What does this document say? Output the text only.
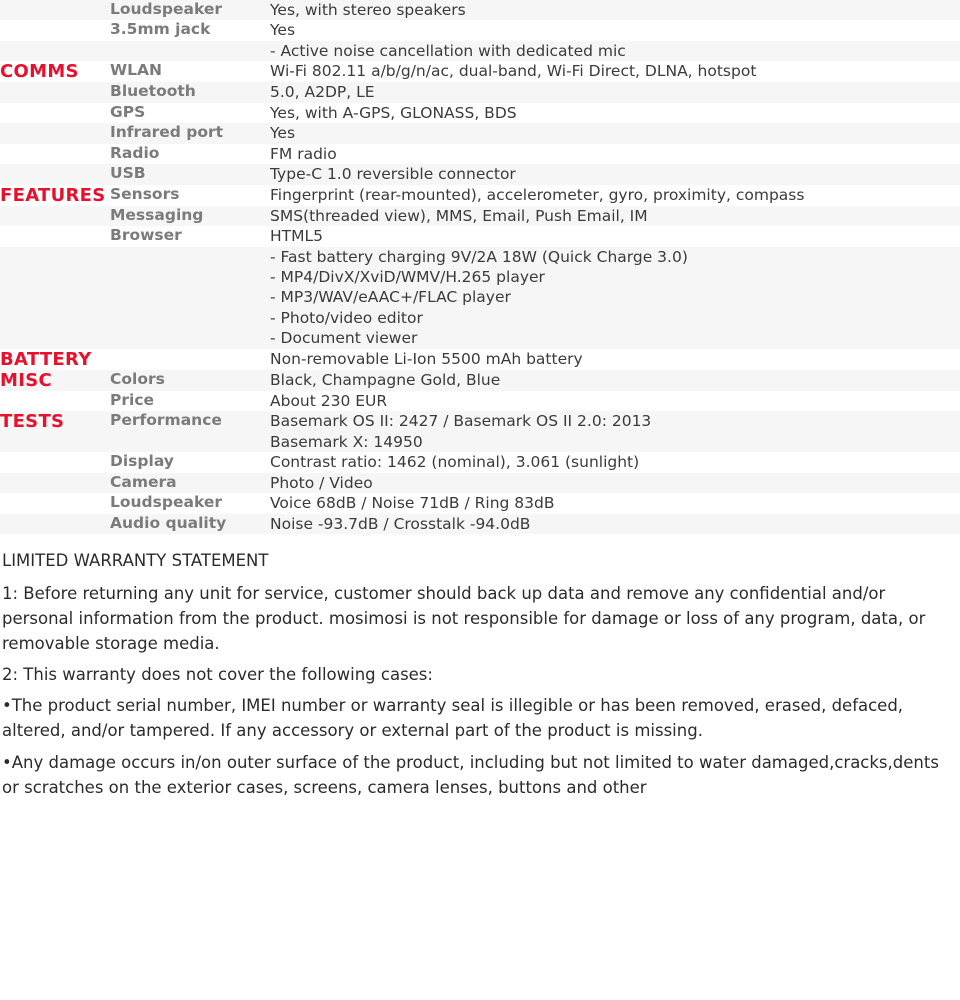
	Loudspeaker	Yes, with stereo speakers

	3.5mm jack	Yes

		- Active noise cancellation with dedicated mic

COMMS	WLAN	Wi-Fi 802.11 a/b/g/n/ac, dual-band, Wi-Fi Direct, DLNA, hotspot

	Bluetooth	5.0, A2DP, LE

	GPS	Yes, with A-GPS, GLONASS, BDS

	Infrared port	Yes

	Radio	FM radio

	USB	Type-C 1.0 reversible connector

FEATURES	Sensors	Fingerprint (rear-mounted), accelerometer, gyro, proximity, compass

	Messaging	SMS(threaded view), MMS, Email, Push Email, IM

	Browser	HTML5

		- Fast battery charging 9V/2A 18W (Quick Charge 3.0)
- MP4/DivX/XviD/WMV/H.265 player
- MP3/WAV/eAAC+/FLAC player
- Photo/video editor
- Document viewer

BATTERY		Non-removable Li-Ion 5500 mAh battery

MISC	Colors	Black, Champagne Gold, Blue

	Price	About 230 EUR

TESTS	Performance	Basemark OS II: 2427 / Basemark OS II 2.0: 2013
Basemark X: 14950

	Display	Contrast ratio: 1462 (nominal), 3.061 (sunlight)

	Camera	Photo / Video

	Loudspeaker	Voice 68dB / Noise 71dB / Ring 83dB

	Audio quality	Noise -93.7dB / Crosstalk -94.0dB
LIMITED WARRANTY STATEMENT

1: Before returning any unit for service, customer should back up data and remove any confidential and/or personal information from the product. mosimosi is not responsible for damage or loss of any program, data, or removable storage media.

2: This warranty does not cover the following cases:

•The product serial number, IMEI number or warranty seal is illegible or has been removed, erased, defaced, altered, and/or tampered. If any accessory or external part of the product is missing.

•Any damage occurs in/on outer surface of the product, including but not limited to water damaged,cracks,dents or scratches on the exterior cases, screens, camera lenses, buttons and other
